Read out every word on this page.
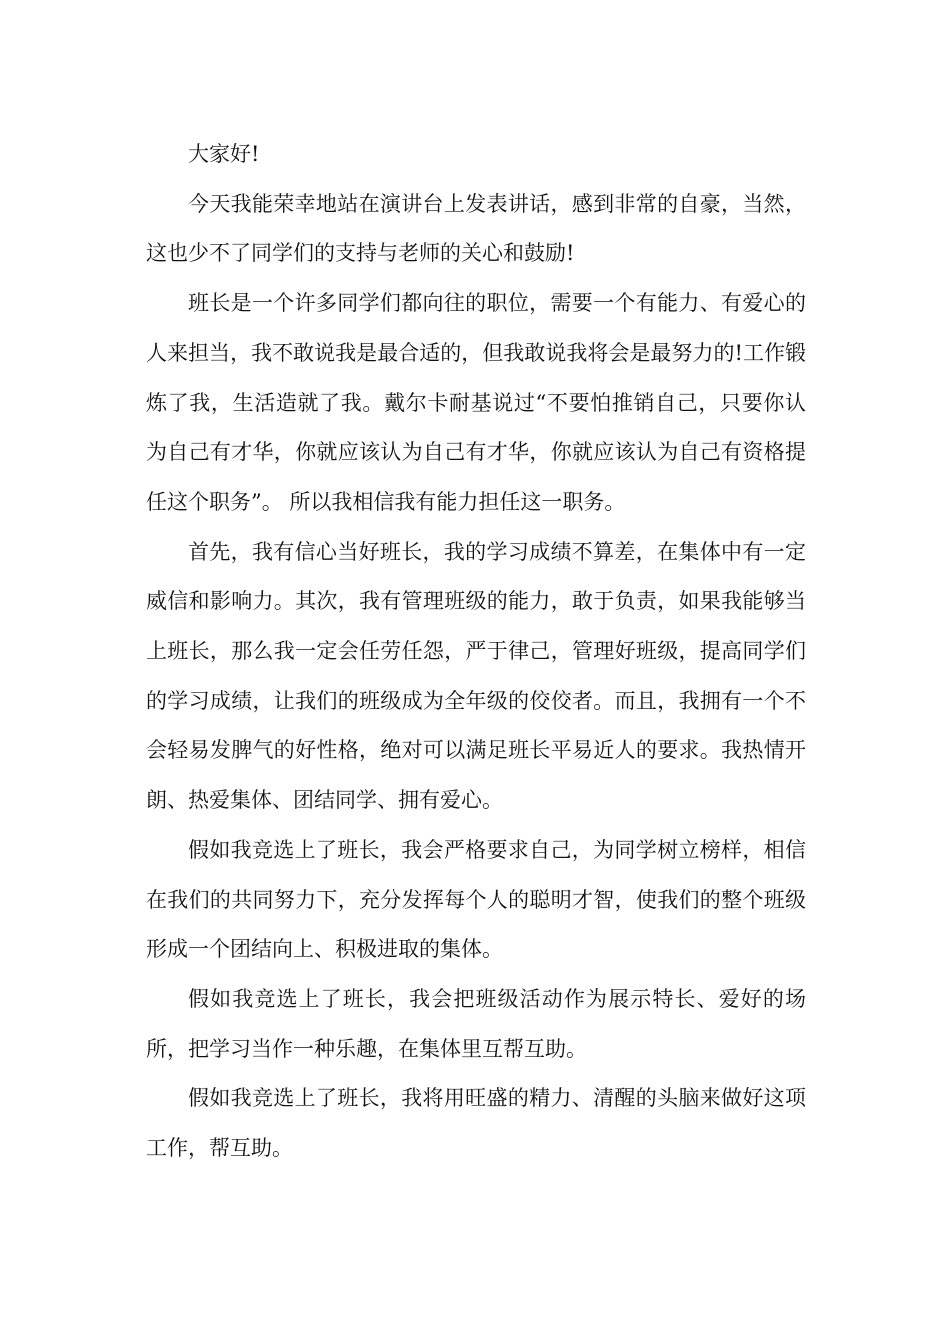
大家好!

今天我能荣幸地站在演讲台上发表讲话，感到非常的自豪，当然，这也少不了同学们的支持与老师的关心和鼓励!

班长是一个许多同学们都向往的职位，需要一个有能力、有爱心的人来担当，我不敢说我是最合适的，但我敢说我将会是最努力的!工作锻炼了我，生活造就了我。戴尔卡耐基说过“不要怕推销自己，只要你认为自己有才华，你就应该认为自己有才华，你就应该认为自己有资格提任这个职务”。 所以我相信我有能力担任这一职务。

首先，我有信心当好班长，我的学习成绩不算差，在集体中有一定威信和影响力。其次，我有管理班级的能力，敢于负责，如果我能够当上班长，那么我一定会任劳任怨，严于律己，管理好班级，提高同学们的学习成绩，让我们的班级成为全年级的佼佼者。而且，我拥有一个不会轻易发脾气的好性格，绝对可以满足班长平易近人的要求。我热情开朗、热爱集体、团结同学、拥有爱心。

假如我竞选上了班长，我会严格要求自己，为同学树立榜样，相信在我们的共同努力下，充分发挥每个人的聪明才智，使我们的整个班级形成一个团结向上、积极进取的集体。

假如我竞选上了班长，我会把班级活动作为展示特长、爱好的场所，把学习当作一种乐趣，在集体里互帮互助。

假如我竞选上了班长，我将用旺盛的精力、清醒的头脑来做好这项工作，帮互助。
